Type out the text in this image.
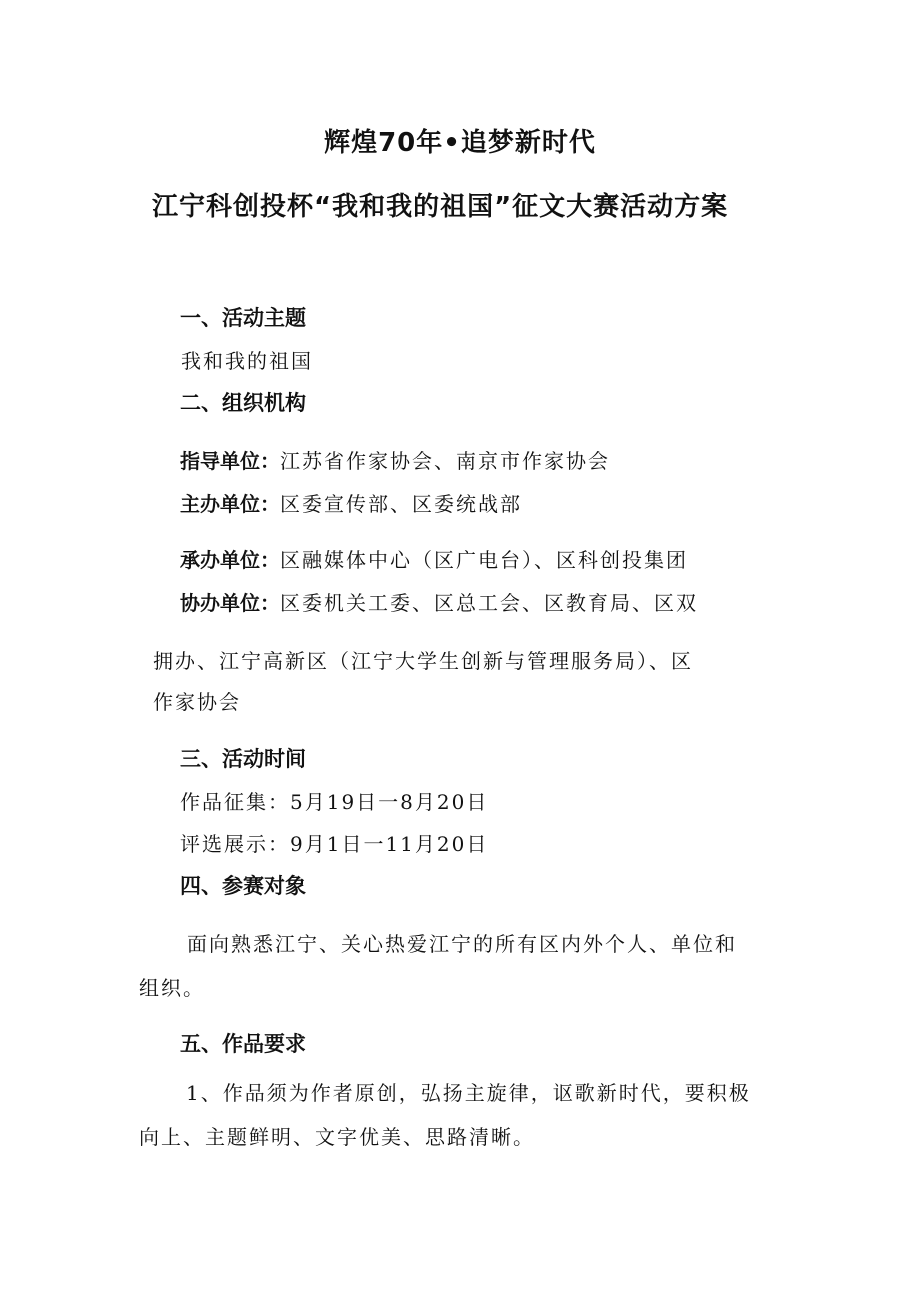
辉煌70年•追梦新时代
江宁科创投杯“我和我的祖国”征文大赛活动方案
一、活动主题
我和我的祖国
二、组织机构
指导单位：江苏省作家协会、南京市作家协会
主办单位：区委宣传部、区委统战部
承办单位：区融媒体中心（区广电台）、区科创投集团
协办单位：区委机关工委、区总工会、区教育局、区双
拥办、江宁高新区（江宁大学生创新与管理服务局）、区
作家协会
三、活动时间
作品征集：5月19日一8月20日
评选展示：9月1日一11月20日
四、参赛对象
面向熟悉江宁、关心热爱江宁的所有区内外个人、单位和
组织。
五、作品要求
1、作品须为作者原创，弘扬主旋律，讴歌新时代，要积极
向上、主题鲜明、文字优美、思路清晰。
